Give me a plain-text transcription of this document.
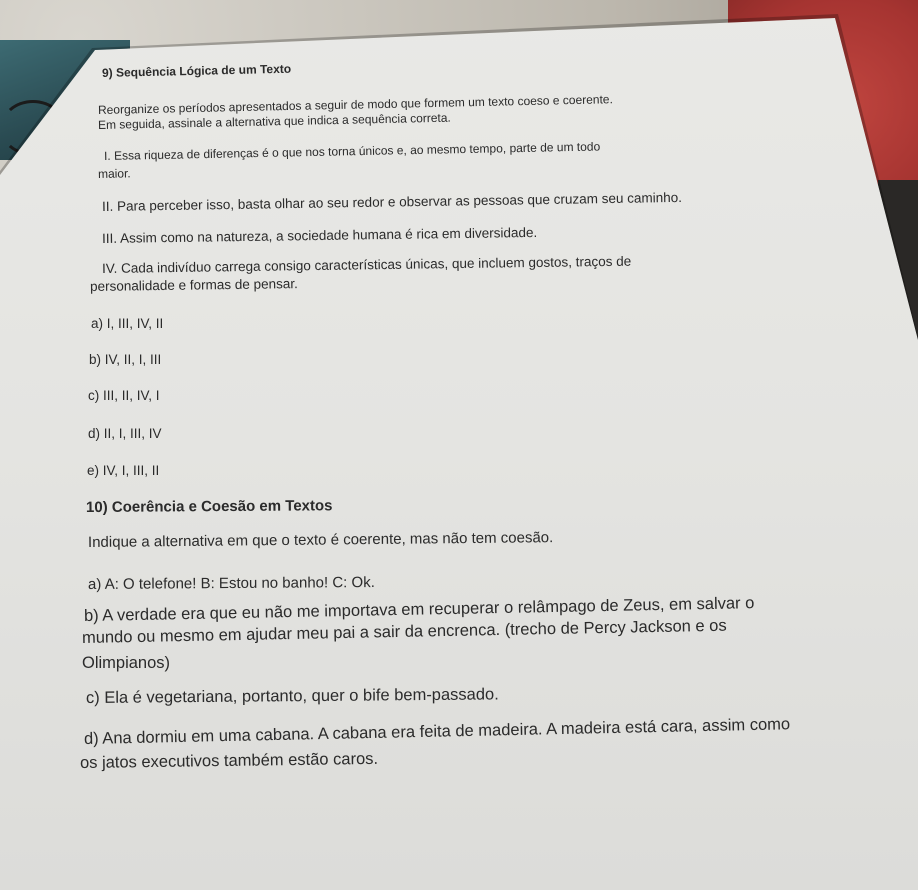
9) Sequência Lógica de um Texto
Reorganize os períodos apresentados a seguir de modo que formem um texto coeso e coerente.
Em seguida, assinale a alternativa que indica a sequência correta.
I. Essa riqueza de diferenças é o que nos torna únicos e, ao mesmo tempo, parte de um todo
maior.
II. Para perceber isso, basta olhar ao seu redor e observar as pessoas que cruzam seu caminho.
III. Assim como na natureza, a sociedade humana é rica em diversidade.
IV. Cada indivíduo carrega consigo características únicas, que incluem gostos, traços de
personalidade e formas de pensar.
a) I, III, IV, II
b) IV, II, I, III
c) III, II, IV, I
d) II, I, III, IV
e) IV, I, III, II
10) Coerência e Coesão em Textos
Indique a alternativa em que o texto é coerente, mas não tem coesão.
a) A: O telefone! B: Estou no banho! C: Ok.
b) A verdade era que eu não me importava em recuperar o relâmpago de Zeus, em salvar o
mundo ou mesmo em ajudar meu pai a sair da encrenca. (trecho de Percy Jackson e os
Olimpianos)
c) Ela é vegetariana, portanto, quer o bife bem-passado.
d) Ana dormiu em uma cabana. A cabana era feita de madeira. A madeira está cara, assim como
os jatos executivos também estão caros.
